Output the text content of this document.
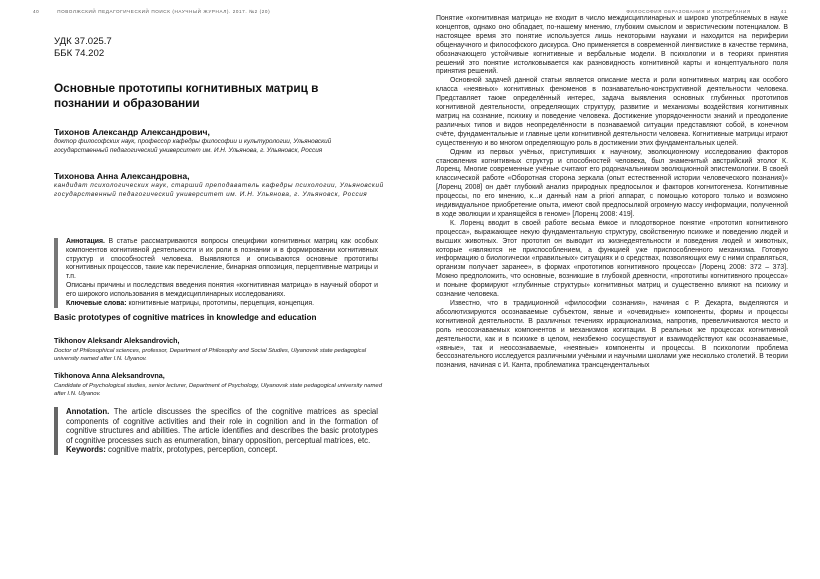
40	ПОВОЛЖСКИЙ ПЕДАГОГИЧЕСКИЙ ПОИСК (НАУЧНЫЙ ЖУРНАЛ). 2017. №2 (20)
УДК 37.025.7
ББК 74.202
Основные прототипы когнитивных матриц в познании и образовании
Тихонов Александр Александрович,
доктор философских наук, профессор кафедры философии и культурологии, Ульяновский государственный педагогический университет им. И.Н. Ульянова, г. Ульяновск, Россия
Тихонова Анна Александровна,
кандидат психологических наук, старший преподаватель кафедры психологии, Ульяновский государственный педагогический университет им. И.Н. Ульянова, г. Ульяновск, Россия

Аннотация. В статье рассматриваются вопросы специфики когнитивных матриц как особых компонентов когнитивной деятельности и их роли в познании и в формировании когнитивных структур и способностей человека. Выявляются и описываются основные прототипы когнитивных процессов, такие как перечисление, бинарная оппозиция, перцептивные матрицы и т.п.

Описаны причины и последствия введения понятия «когнитивная матрица» в научный оборот и его широкого использования в междисциплинарных исследованиях.

Ключевые слова: когнитивные матрицы, прототипы, перцепция, концепция.

Basic prototypes of cognitive matrices in knowledge and education
Tikhonov Aleksandr Aleksandrovich,
Doctor of Philosophical sciences, professor, Department of Philosophy and Social Studies, Ulyanovsk state pedagogical university named after I.N. Ulyanov.
Tikhonova Anna Aleksandrovna,
Candidate of Psychological studies, senior lecturer, Department of Psychology, Ulyanovsk state pedagogical university named after I.N. Ulyanov.

Annotation. The article discusses the specifics of the cognitive matrices as special components of cognitive activities and their role in cognition and in the formation of cognitive structures and abilities. The article identifies and describes the basic prototypes of cognitive processes such as enumeration, binary opposition, perceptual matrices, etc.

Keywords: cognitive matrix, prototypes, perception, concept.

ФИЛОСОФИЯ ОБРАЗОВАНИЯ И ВОСПИТАНИЯ	41

Понятие «когнитивная матрица» не входит в число междисциплинарных и широко употребляемых в науке концептов, однако оно обладает, по-нашему мнению, глубоким смыслом и эвристическим потенциалом. В настоящее время это понятие используется лишь некоторыми науками и находится на периферии общенаучного и философского дискурса. Оно применяется в современной лингвистике в качестве термина, обозначающего устойчивые когнитивные и вербальные модели. В психологии и в теориях принятия решений это понятие истолковывается как разновидность когнитивной карты и концептуального поля принятия решений.

Основной задачей данной статьи является описание места и роли когнитивных матриц как особого класса «неявных» когнитивных феноменов в познавательно-конструктивной деятельности человека. Представляет также определённый интерес, задача выявления основных глубинных прототипов когнитивной деятельности, определяющих структуру, развитие и механизмы воздействия когнитивных матриц на сознание, психику и поведение человека. Достижение упорядоченности знаний и преодоление различных типов и видов неопределённости в познаваемой ситуации представляют собой, в конечном счёте, фундаментальные и главные цели когнитивной деятельности человека. Когнитивные матрицы играют существенную и во многом определяющую роль в достижении этих фундаментальных целей.

Одним из первых учёных, приступивших к научному, эволюционному исследованию факторов становления когнитивных структур и способностей человека, был знаменитый австрийский этолог К. Лоренц. Многие современные учёные считают его родоначальником эволюционной эпистемологии. В своей классической работе «Оборотная сторона зеркала (опыт естественной истории человеческого познания)» [Лоренц 2008] он даёт глубокий анализ природных предпосылок и факторов когнитогенеза. Когнитивные процессы, по его мнению, к...и данный нам a priori аппарат, с помощью которого только и возможно индивидуальное приобретение опыта, имеют свой предпосылкой огромную массу информации, полученной в ходе эволюции и хранящейся в геноме» [Лоренц 2008: 419].

К. Лоренц вводит в своей работе весьма ёмкое и плодотворное понятие «прототип когнитивного процесса», выражающее некую фундаментальную структуру, свойственную психике и поведению людей и высших животных. Этот прототип он выводит из жизнедеятельности и поведения людей и животных, которые «являются не приспособлением, а функцией уже приспособленного механизма. Готовую информацию о биологически «правильных» ситуациях и о средствах, позволяющих ему с ними справляться, организм получает заранее», в формах «прототипов когнитивного процесса» [Лоренц 2008: 372 – 373]. Можно предположить, что основные, возникшие в глубокой древности, «прототипы когнитивного процесса» и поныне формируют «глубинные структуры» когнитивных матриц и существенно влияют на психику и сознание человека.

Известно, что в традиционной «философии сознания», начиная с Р. Декарта, выделяются и абсолютизируются осознаваемые субъектом, явные и «очевидные» компоненты, формы и процессы когнитивной деятельности. В различных течениях иррационализма, напротив, превеличиваются место и роль неосознаваемых компонентов и механизмов когитации. В реальных же процессах когнитивной деятельности, как и в психике в целом, неизбежно сосуществуют и взаимодействуют как осознаваемые, «явные», так и неосознаваемые, «неявные» компоненты и процессы. В психологии проблема бессознательного исследуется различными учёными и научными школами уже несколько столетий. В теории познания, начиная с И. Канта, проблематика трансцендентальных
